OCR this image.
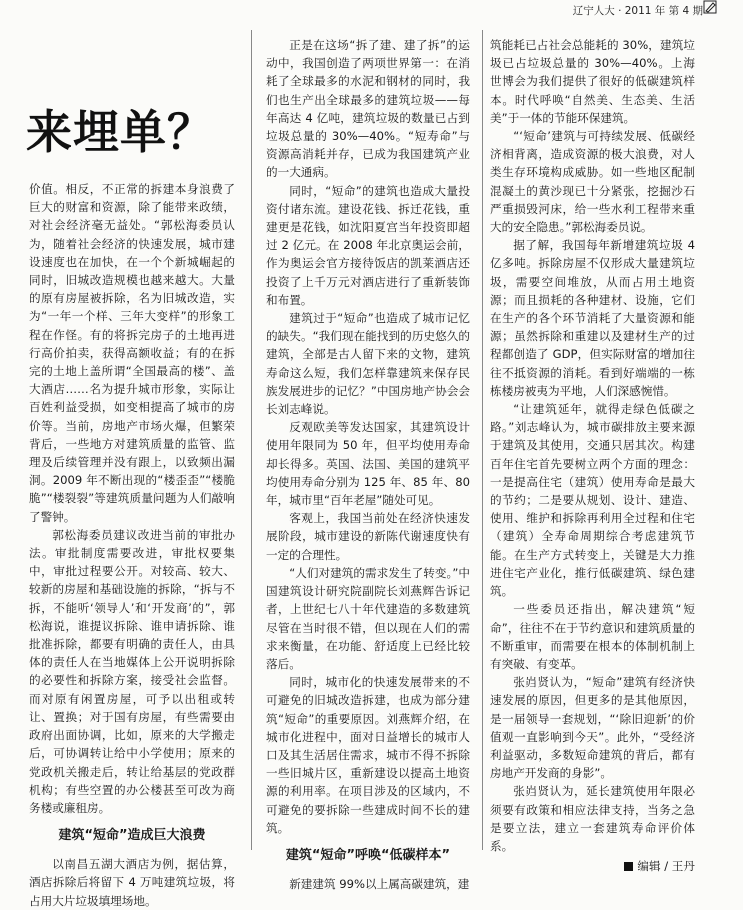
辽宁人大 · 2011 年 第 4 期
来埋单？

价值。相反，不正常的拆建本身浪费了巨大的财富和资源，除了能带来政绩，对社会经济毫无益处。“郭松海委员认为，随着社会经济的快速发展，城市建设速度也在加快，在一个个新城崛起的同时，旧城改造规模也越来越大。大量的原有房屋被拆除，名为旧城改造，实为“一年一个样、三年大变样”的形象工程在作怪。有的将拆完房子的土地再进行高价拍卖，获得高额收益；有的在拆完的土地上盖所谓“全国最高的楼”、盖大酒店……名为提升城市形象，实际让百姓利益受损，如变相提高了城市的房价等。当前，房地产市场火爆，但繁荣背后，一些地方对建筑质量的监管、监理及后续管理并没有跟上，以致频出漏洞。2009 年不断出现的“楼歪歪”“楼脆脆”“楼裂裂”等建筑质量问题为人们敲响了警钟。

郭松海委员建议改进当前的审批办法。审批制度需要改进，审批权要集中，审批过程要公开。对较高、较大、较新的房屋和基础设施的拆除，“拆与不拆，不能听‘领导人’和‘开发商’的”，郭松海说，谁提议拆除、谁申请拆除、谁批准拆除，都要有明确的责任人，由具体的责任人在当地媒体上公开说明拆除的必要性和拆除方案，接受社会监督。而对原有闲置房屋，可予以出租或转让、置换；对于国有房屋，有些需要由政府出面协调，比如，原来的大学搬走后，可协调转让给中小学使用；原来的党政机关搬走后，转让给基层的党政群机构；有些空置的办公楼甚至可改为商务楼或廉租房。

建筑“短命”造成巨大浪费

以南昌五湖大酒店为例，据估算，酒店拆除后将留下 4 万吨建筑垃圾，将占用大片垃圾填埋场地。

正是在这场“拆了建、建了拆”的运动中，我国创造了两项世界第一：在消耗了全球最多的水泥和钢材的同时，我们也生产出全球最多的建筑垃圾——每年高达 4 亿吨，建筑垃圾的数量已占到垃圾总量的 30%—40%。“短寿命”与资源高消耗并存，已成为我国建筑产业的一大通病。

同时，“短命”的建筑也造成大量投资付诸东流。建设花钱、拆迁花钱，重建更是花钱，如沈阳夏宫当年投资即超过 2 亿元。在 2008 年北京奥运会前，作为奥运会官方接待饭店的凯莱酒店还投资了上千万元对酒店进行了重新装饰和布置。

建筑过于“短命”也造成了城市记忆的缺失。“我们现在能找到的历史悠久的建筑，全部是古人留下来的文物，建筑寿命这么短，我们怎样靠建筑来保存民族发展进步的记忆？”中国房地产协会会长刘志峰说。

反观欧美等发达国家，其建筑设计使用年限同为 50 年，但平均使用寿命却长得多。英国、法国、美国的建筑平均使用寿命分别为 125 年、85 年、80 年，城市里“百年老屋”随处可见。

客观上，我国当前处在经济快速发展阶段，城市建设的新陈代谢速度快有一定的合理性。

“人们对建筑的需求发生了转变。”中国建筑设计研究院副院长刘燕辉告诉记者，上世纪七八十年代建造的多数建筑尽管在当时很不错，但以现在人们的需求来衡量，在功能、舒适度上已经比较落后。

同时，城市化的快速发展带来的不可避免的旧城改造拆建，也成为部分建筑“短命”的重要原因。刘燕辉介绍，在城市化进程中，面对日益增长的城市人口及其生活居住需求，城市不得不拆除一些旧城片区，重新建设以提高土地资源的利用率。在项目涉及的区域内，不可避免的要拆除一些建成时间不长的建筑。

建筑“短命”呼唤“低碳样本”

新建建筑 99%以上属高碳建筑，建

筑能耗已占社会总能耗的 30%，建筑垃圾已占垃圾总量的 30%—40%。上海世博会为我们提供了很好的低碳建筑样本。时代呼唤“自然美、生态美、生活美”于一体的节能环保建筑。

“‘短命’建筑与可持续发展、低碳经济相背离，造成资源的极大浪费，对人类生存环境构成威胁。如一些地区配制混凝土的黄沙现已十分紧张，挖掘沙石严重损毁河床，给一些水利工程带来重大的安全隐患。”郭松海委员说。

据了解，我国每年新增建筑垃圾 4 亿多吨。拆除房屋不仅形成大量建筑垃圾，需要空间堆放，从而占用土地资源；而且损耗的各种建材、设施，它们在生产的各个环节消耗了大量资源和能源；虽然拆除和重建以及建材生产的过程都创造了 GDP，但实际财富的增加往往不抵资源的消耗。看到好端端的一栋栋楼房被夷为平地，人们深感惋惜。

“让建筑延年，就得走绿色低碳之路。”刘志峰认为，城市碳排放主要来源于建筑及其使用，交通只居其次。构建百年住宅首先要树立两个方面的理念：一是提高住宅（建筑）使用寿命是最大的节约；二是要从规划、设计、建造、使用、维护和拆除再利用全过程和住宅（建筑）全寿命周期综合考虑建筑节能。在生产方式转变上，关键是大力推进住宅产业化，推行低碳建筑、绿色建筑。

一些委员还指出，解决建筑“短命”，往往不在于节约意识和建筑质量的不断重审，而需要在根本的体制机制上有突破、有变革。

张岿贤认为，“短命”建筑有经济快速发展的原因，但更多的是其他原因，是一届领导一套规划，“‘除旧迎新’的价值观一直影响到今天”。此外，“受经济利益驱动，多数短命建筑的背后，都有房地产开发商的身影”。

张岿贤认为，延长建筑使用年限必须要有政策和相应法律支持，当务之急是要立法，建立一套建筑寿命评价体系。

编辑 / 王丹
